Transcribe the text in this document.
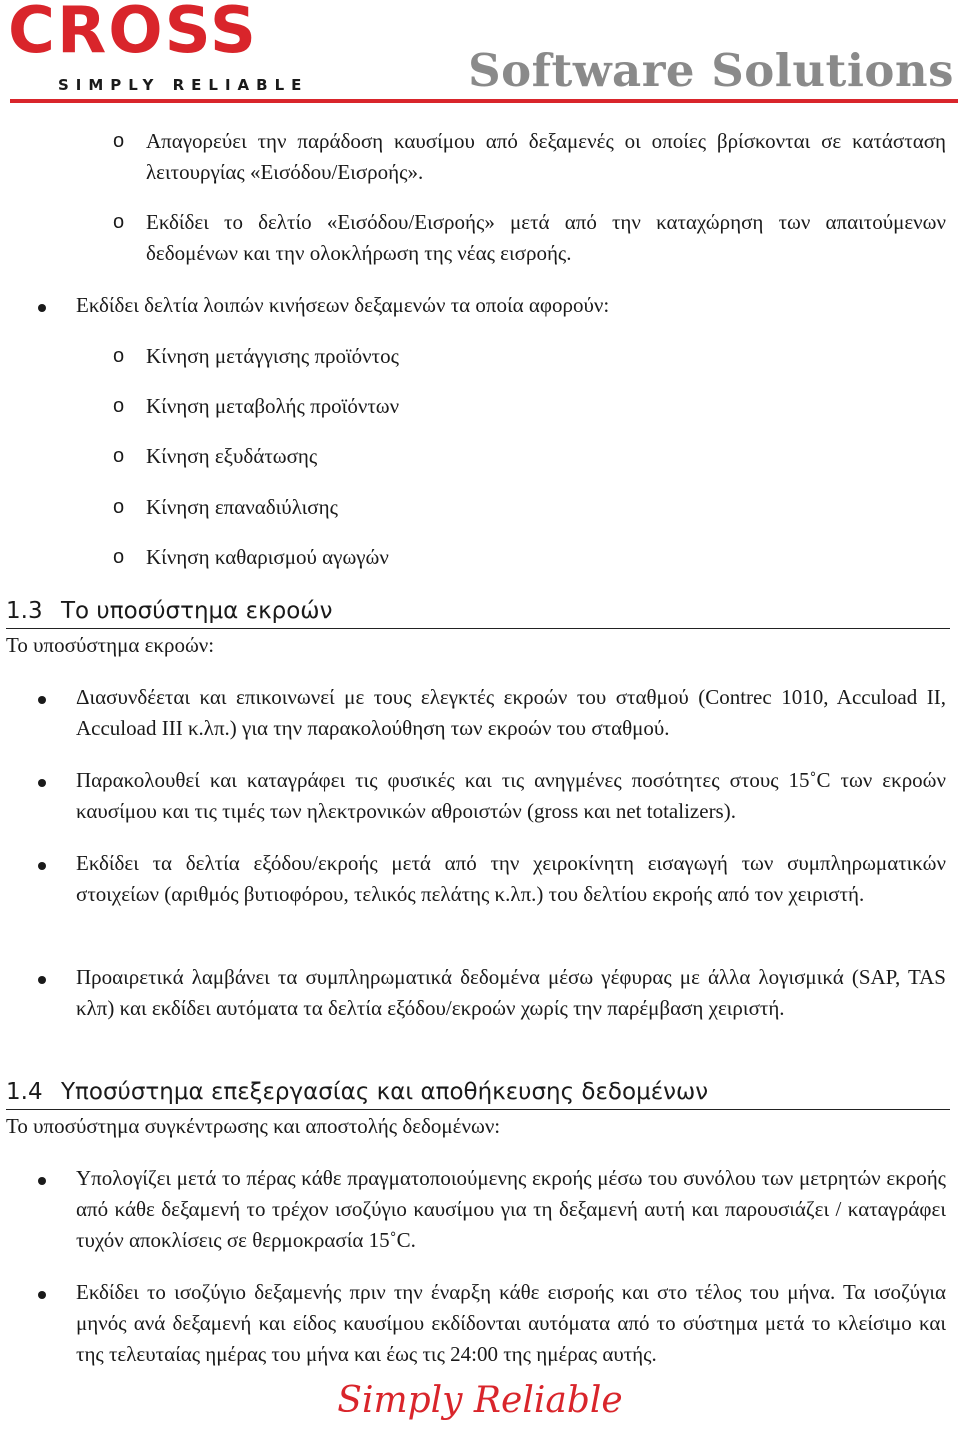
CROSS
SIMPLY RELIABLE	Software Solutions
o Απαγορεύει την παράδοση καυσίμου από δεξαμενές οι οποίες βρίσκονται σε κατάσταση λειτουργίας «Εισόδου/Εισροής».
o Εκδίδει το δελτίο «Εισόδου/Εισροής» μετά από την καταχώρηση των απαιτούμενων δεδομένων και την ολοκλήρωση της νέας εισροής.
Εκδίδει δελτία λοιπών κινήσεων δεξαμενών τα οποία αφορούν:
o Κίνηση μετάγγισης προϊόντος
o Κίνηση μεταβολής προϊόντων
o Κίνηση εξυδάτωσης
o Κίνηση επαναδιύλισης
o Κίνηση καθαρισμού αγωγών
1.3 Το υποσύστημα εκροών
Το υποσύστημα εκροών:
Διασυνδέεται και επικοινωνεί με τους ελεγκτές εκροών του σταθμού (Contrec 1010, Accuload II, Accuload III κ.λπ.) για την παρακολούθηση των εκροών του σταθμού.
Παρακολουθεί και καταγράφει τις φυσικές και τις ανηγμένες ποσότητες στους 15˚C των εκροών καυσίμου και τις τιμές των ηλεκτρονικών αθροιστών (gross και net totalizers).
Εκδίδει τα δελτία εξόδου/εκροής μετά από την χειροκίνητη εισαγωγή των συμπληρωματικών στοιχείων (αριθμός βυτιοφόρου, τελικός πελάτης κ.λπ.) του δελτίου εκροής από τον χειριστή.
Προαιρετικά λαμβάνει τα συμπληρωματικά δεδομένα μέσω γέφυρας με άλλα λογισμικά (SAP, TAS κλπ) και εκδίδει αυτόματα τα δελτία εξόδου/εκροών χωρίς την παρέμβαση χειριστή.
1.4 Υποσύστημα επεξεργασίας και αποθήκευσης δεδομένων
Το υποσύστημα συγκέντρωσης και αποστολής δεδομένων:
Υπολογίζει μετά το πέρας κάθε πραγματοποιούμενης εκροής μέσω του συνόλου των μετρητών εκροής από κάθε δεξαμενή το τρέχον ισοζύγιο καυσίμου για τη δεξαμενή αυτή και παρουσιάζει / καταγράφει τυχόν αποκλίσεις σε θερμοκρασία 15˚C.
Εκδίδει το ισοζύγιο δεξαμενής πριν την έναρξη κάθε εισροής και στο τέλος του μήνα. Τα ισοζύγια μηνός ανά δεξαμενή και είδος καυσίμου εκδίδονται αυτόματα από το σύστημα μετά το κλείσιμο και της τελευταίας ημέρας του μήνα και έως τις 24:00 της ημέρας αυτής.
Simply Reliable
